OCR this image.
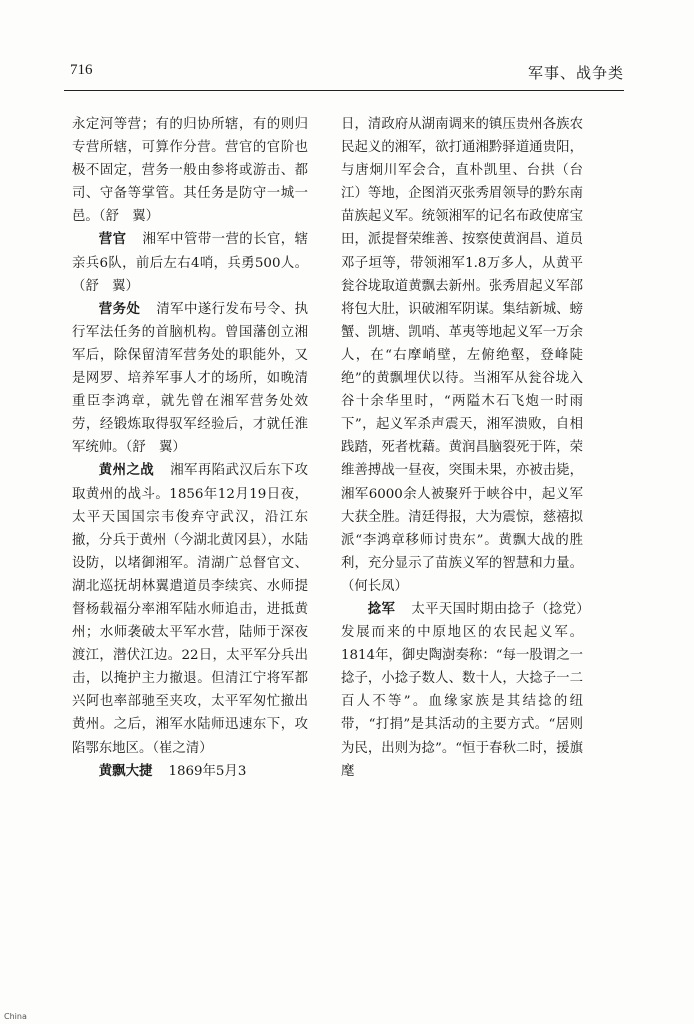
716	军事、战争类

永定河等营；有的归协所辖，有的则归专营所辖，可算作分营。营官的官阶也极不固定，营务一般由参将或游击、都司、守备等掌管。其任务是防守一城一邑。（舒　翼）

营官 湘军中管带一营的长官，辖亲兵6队，前后左右4哨，兵勇500人。（舒　翼）

营务处 清军中遂行发布号令、执行军法任务的首脑机构。曾国藩创立湘军后，除保留清军营务处的职能外，又是网罗、培养军事人才的场所，如晚清重臣李鸿章，就先曾在湘军营务处效劳，经锻炼取得驭军经验后，才就任淮军统帅。（舒　翼）

黄州之战 湘军再陷武汉后东下攻取黄州的战斗。1856年12月19日夜，太平天国国宗韦俊弃守武汉，沿江东撤，分兵于黄州（今湖北黄冈县），水陆设防，以堵御湘军。清湖广总督官文、湖北巡抚胡林翼遣道员李续宾、水师提督杨载福分率湘军陆水师追击，进抵黄州；水师袭破太平军水营，陆师于深夜渡江，潜伏江边。22日，太平军分兵出击，以掩护主力撤退。但清江宁将军都兴阿也率部驰至夹攻，太平军匆忙撤出黄州。之后，湘军水陆师迅速东下，攻陷鄂东地区。（崔之清）

黄飘大捷 1869年5月3

日，清政府从湖南调来的镇压贵州各族农民起义的湘军，欲打通湘黔驿道通贵阳，与唐炯川军会合，直朴凯里、台拱（台江）等地，企图消灭张秀眉领导的黔东南苗族起义军。统领湘军的记名布政使席宝田，派提督荣维善、按察使黄润昌、道员邓子垣等，带领湘军1.8万多人，从黄平瓮谷垅取道黄飘去新州。张秀眉起义军部将包大肚，识破湘军阴谋。集结新城、螃蟹、凯塘、凯哨、革夷等地起义军一万余人，在“右摩峭壁，左俯绝壑，登峰陡绝”的黄飘埋伏以待。当湘军从瓮谷垅入谷十余华里时，“两隘木石飞炮一时雨下”，起义军杀声震天，湘军溃败，自相践踏，死者枕藉。黄润昌脑裂死于阵，荣维善搏战一昼夜，突围未果，亦被击毙，湘军6000余人被聚歼于峡谷中，起义军大获全胜。清廷得报，大为震惊，慈禧拟派“李鸿章移师讨贵东”。黄飘大战的胜利，充分显示了苗族义军的智慧和力量。（何长凤）

捻军 太平天国时期由捻子（捻党）发展而来的中原地区的农民起义军。1814年，御史陶澍奏称：“每一股谓之一捻子，小捻子数人、数十人，大捻子一二百人不等”。血缘家族是其结捻的纽带，“打捐”是其活动的主要方式。“居则为民，出则为捻”。“恒于春秋二时，援旗麾

China
